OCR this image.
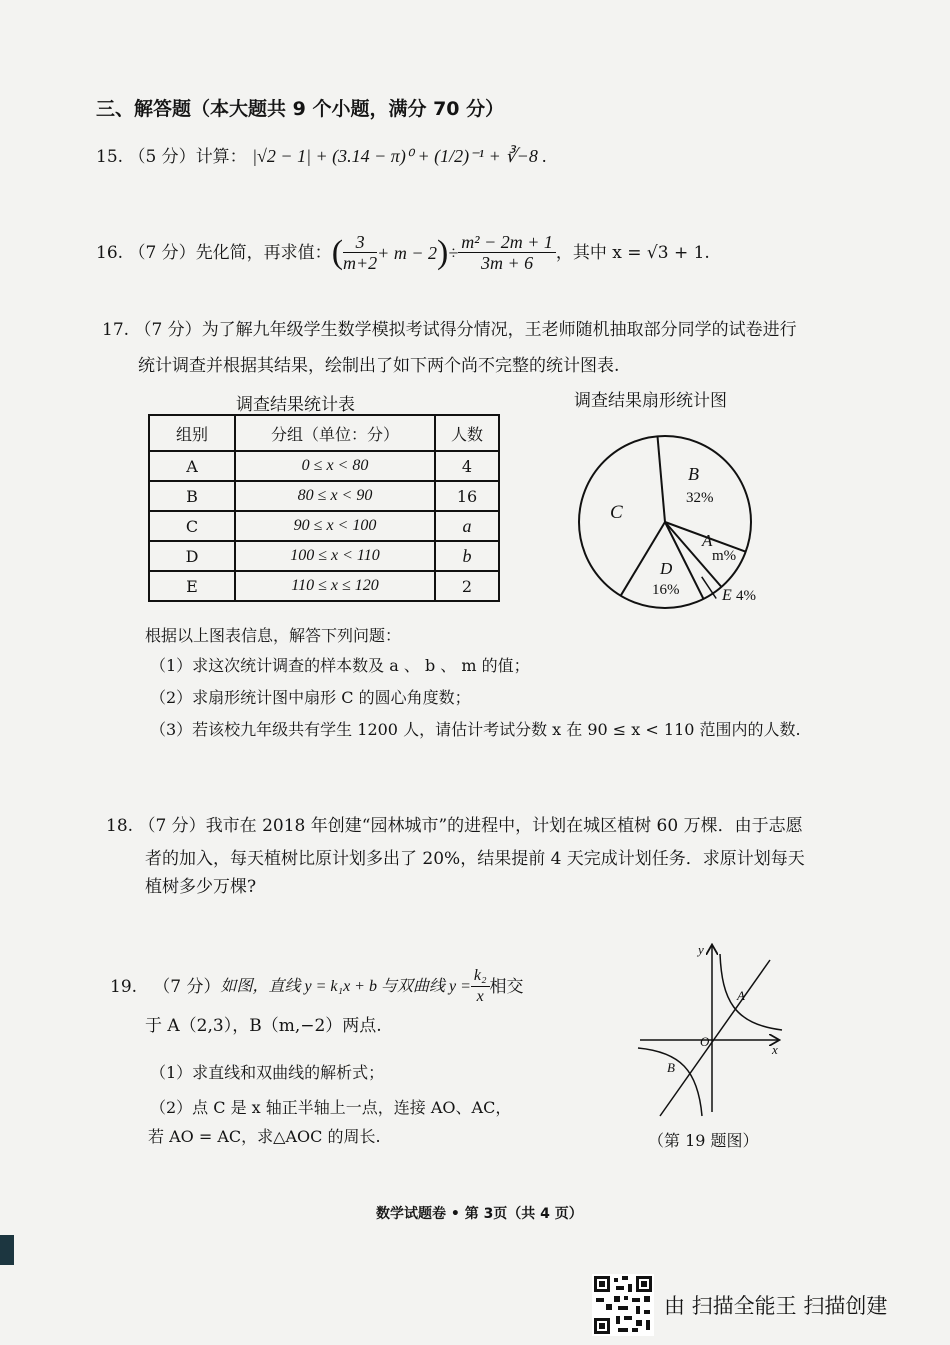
三、解答题（本大题共 9 个小题，满分 70 分）
15. （5 分）计算： |√2 − 1| + (3.14 − π)⁰ + (1/2)⁻¹ + ∛−8 .
16.
（7 分） 先化简，再求值： ( $\frac{3}{m+2} + m - 2$ ) ÷ $\frac{\text{m² − 2m + 1}}{3m + 6}$ ，其中 x = √3 + 1.
17. （7 分）为了解九年级学生数学模拟考试得分情况，王老师随机抽取部分同学的试卷进行
统计调查并根据其结果，绘制出了如下两个尚不完整的统计图表.
调查结果统计表	调查结果扇形统计图
组别	分组（单位：分）	人数
A	0 ≤ x < 80	4
B	80 ≤ x < 90	16
C	90 ≤ x < 100	a
D	100 ≤ x < 110	b
E	110 ≤ x ≤ 120	2
B
32%
C
A
m%
D
16%	E 4%
根据以上图表信息，解答下列问题：
（1）求这次统计调查的样本数及 a 、 b 、 m 的值；
（2）求扇形统计图中扇形 C 的圆心角度数；
（3）若该校九年级共有学生 1200 人，请估计考试分数 x 在 90 ≤ x < 110 范围内的人数.
18. （7 分）我市在 2018 年创建“园林城市”的进程中，计划在城区植树 60 万棵．由于志愿
者的加入，每天植树比原计划多出了 20%，结果提前 4 天完成计划任务．求原计划每天
植树多少万棵?
19.
（7 分） 如图，直线 y = k₁x + b 与双曲线 $y = \frac{\text{k₂}}{x}$ 相交
于 A（2,3），B（m,−2）两点.
（1）求直线和双曲线的解析式；
（2）点 C 是 x 轴正半轴上一点，连接 AO、AC，
若 AO = AC，求△AOC 的周长.
y
x
O
A
B
（第 19 题图）
数学试题卷 • 第 3页（共 4 页）
由 扫描全能王 扫描创建
